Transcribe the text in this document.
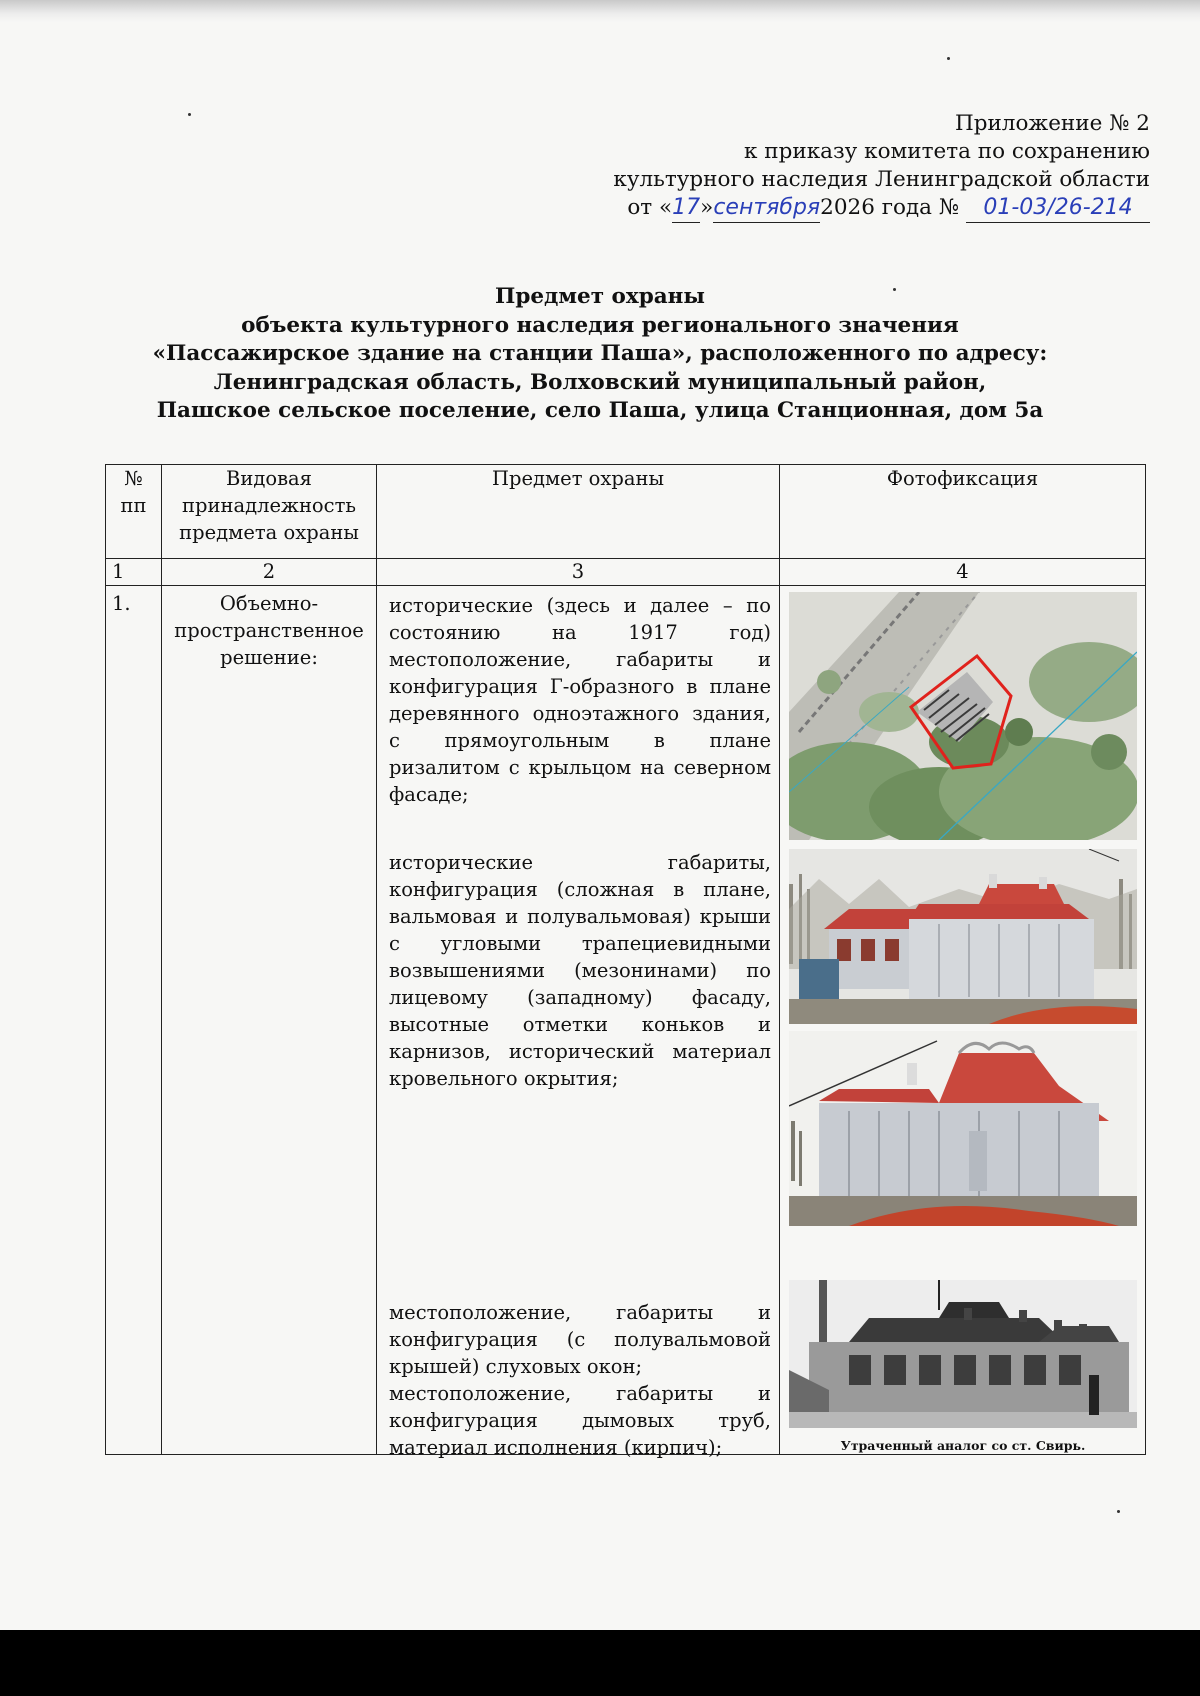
Приложение № 2
к приказу комитета по сохранению
культурного наследия Ленинградской области
от «17»сентября2026 года № 01-03/26-214
Предмет охраны
объекта культурного наследия регионального значения
«Пассажирское здание на станции Паша», расположенного по адресу:
Ленинградская область, Волховский муниципальный район,
Пашское сельское поселение, село Паша, улица Станционная, дом 5а
№
пп	Видовая принадлежность предмета охраны	Предмет охраны	Фотофиксация
1	2	3	4
1.	Объемно-пространственное решение:	исторические (здесь и далее – по состоянию на 1917 год) местоположение, габариты и конфигурация Г-образного в плане деревянного одноэтажного здания, с прямоугольным в плане ризалитом с крыльцом на северном фасаде;
исторические габариты, конфигурация (сложная в плане, вальмовая и полувальмовая) крыши с угловыми трапециевидными возвышениями (мезонинами) по лицевому (западному) фасаду, высотные отметки коньков и карнизов, исторический материал кровельного окрытия;
местоположение, габариты и конфигурация (с полувальмовой крышей) слуховых окон;
местоположение, габариты и конфигурация дымовых труб, материал исполнения (кирпич);	Утраченный аналог со ст. Свирь.
